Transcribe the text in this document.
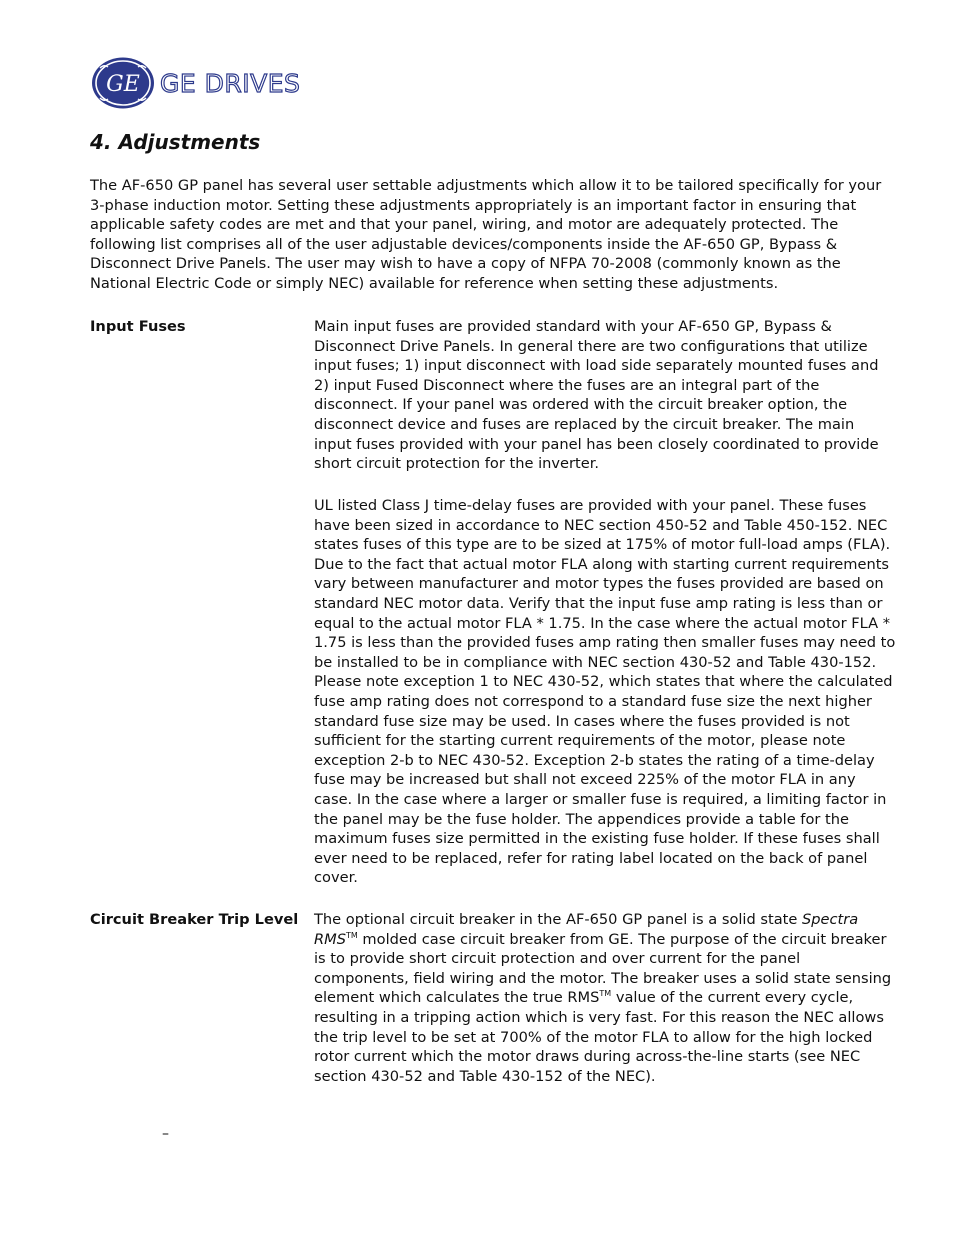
GE GE DRIVES
4. Adjustments

The AF-650 GP panel has several user settable adjustments which allow it to be tailored specifically for your 3-phase induction motor. Setting these adjustments appropriately is an important factor in ensuring that applicable safety codes are met and that your panel, wiring, and motor are adequately protected. The following list comprises all of the user adjustable devices/components inside the AF-650 GP, Bypass & Disconnect Drive Panels. The user may wish to have a copy of NFPA 70-2008 (commonly known as the National Electric Code or simply NEC) available for reference when setting these adjustments.

Input Fuses	Main input fuses are provided standard with your AF-650 GP, Bypass & Disconnect Drive Panels. In general there are two configurations that utilize input fuses; 1) input disconnect with load side separately mounted fuses and 2) input Fused Disconnect where the fuses are an integral part of the disconnect. If your panel was ordered with the circuit breaker option, the disconnect device and fuses are replaced by the circuit breaker. The main input fuses provided with your panel has been closely coordinated to provide short circuit protection for the inverter.

UL listed Class J time-delay fuses are provided with your panel. These fuses have been sized in accordance to NEC section 450-52 and Table 450-152. NEC states fuses of this type are to be sized at 175% of motor full-load amps (FLA). Due to the fact that actual motor FLA along with starting current requirements vary between manufacturer and motor types the fuses provided are based on standard NEC motor data. Verify that the input fuse amp rating is less than or equal to the actual motor FLA * 1.75. In the case where the actual motor FLA * 1.75 is less than the provided fuses amp rating then smaller fuses may need to be installed to be in compliance with NEC section 430-52 and Table 430-152. Please note exception 1 to NEC 430-52, which states that where the calculated fuse amp rating does not correspond to a standard fuse size the next higher standard fuse size may be used. In cases where the fuses provided is not sufficient for the starting current requirements of the motor, please note exception 2-b to NEC 430-52. Exception 2-b states the rating of a time-delay fuse may be increased but shall not exceed 225% of the motor FLA in any case. In the case where a larger or smaller fuse is required, a limiting factor in the panel may be the fuse holder. The appendices provide a table for the maximum fuses size permitted in the existing fuse holder. If these fuses shall ever need to be replaced, refer for rating label located on the back of panel cover.

Circuit Breaker Trip Level The optional circuit breaker in the AF-650 GP panel is a solid state Spectra RMS™ molded case circuit breaker from GE. The purpose of the circuit breaker is to provide short circuit protection and over current for the panel components, field wiring and the motor. The breaker uses a solid state sensing element which calculates the true RMS™ value of the current every cycle, resulting in a tripping action which is very fast. For this reason the NEC allows the trip level to be set at 700% of the motor FLA to allow for the high locked rotor current which the motor draws during across-the-line starts (see NEC section 430-52 and Table 430-152 of the NEC).

–
